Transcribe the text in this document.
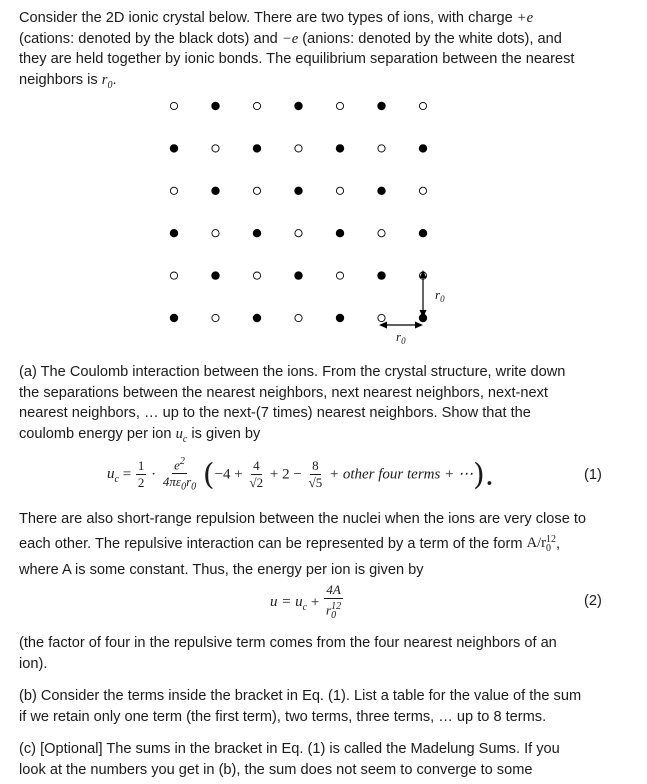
Consider the 2D ionic crystal below. There are two types of ions, with charge +e
(cations: denoted by the black dots) and −e (anions: denoted by the white dots), and
they are held together by ionic bonds. The equilibrium separation between the nearest
neighbors is $r_0$.

$r_0$
$r_0$

(a) The Coulomb interaction between the ions. From the crystal structure, write down
the separations between the nearest neighbors, next nearest neighbors, next-next
nearest neighbors, … up to the next-(7 times) nearest neighbors. Show that the
coulomb energy per ion $u_c$ is given by

$u_c = \frac{1}{2} \cdot \frac{e^2}{4\pi\varepsilon_0r_0} (-4 + \frac{4}{√2} + 2 - \frac{8}{√5}$ + other four terms + ⋯).	(1)

There are also short-range repulsion between the nuclei when the ions are very close to
each other. The repulsive interaction can be represented by a term of the form $A/r_0^{12}$,
where A is some constant. Thus, the energy per ion is given by

$u = u_c + \frac{4A}{r_0^{12}}$	(2)

(the factor of four in the repulsive term comes from the four nearest neighbors of an
ion).

(b) Consider the terms inside the bracket in Eq. (1). List a table for the value of the sum
if we retain only one term (the first term), two terms, three terms, … up to 8 terms.

(c) [Optional] The sums in the bracket in Eq. (1) is called the Madelung Sums. If you
look at the numbers you get in (b), the sum does not seem to converge to some
